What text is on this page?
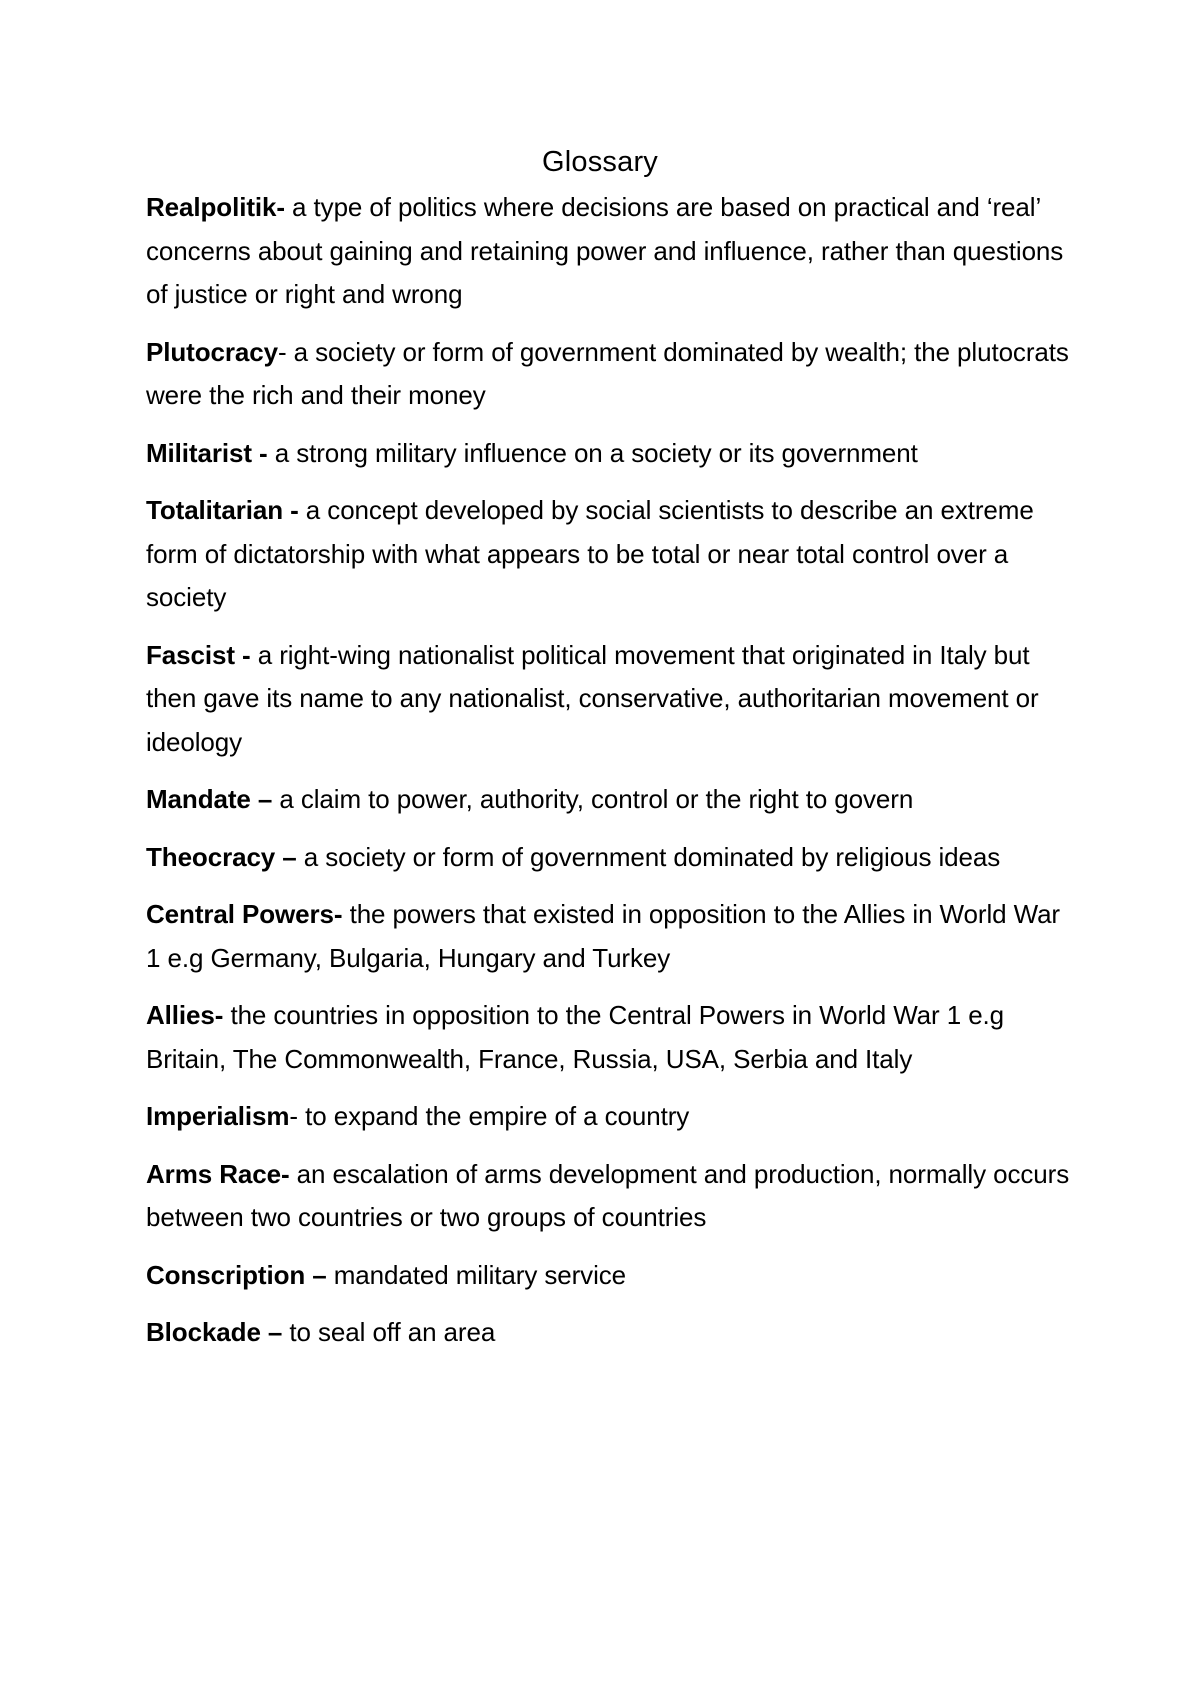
Glossary

Realpolitik- a type of politics where decisions are based on practical and ‘real’ concerns about gaining and retaining power and influence, rather than questions of justice or right and wrong

Plutocracy- a society or form of government dominated by wealth; the plutocrats were the rich and their money

Militarist - a strong military influence on a society or its government

Totalitarian - a concept developed by social scientists to describe an extreme form of dictatorship with what appears to be total or near total control over a society

Fascist - a right-wing nationalist political movement that originated in Italy but then gave its name to any nationalist, conservative, authoritarian movement or ideology

Mandate – a claim to power, authority, control or the right to govern

Theocracy – a society or form of government dominated by religious ideas

Central Powers- the powers that existed in opposition to the Allies in World War 1 e.g Germany, Bulgaria, Hungary and Turkey

Allies- the countries in opposition to the Central Powers in World War 1 e.g Britain, The Commonwealth, France, Russia, USA, Serbia and Italy

Imperialism- to expand the empire of a country

Arms Race- an escalation of arms development and production, normally occurs between two countries or two groups of countries

Conscription – mandated military service

Blockade – to seal off an area
